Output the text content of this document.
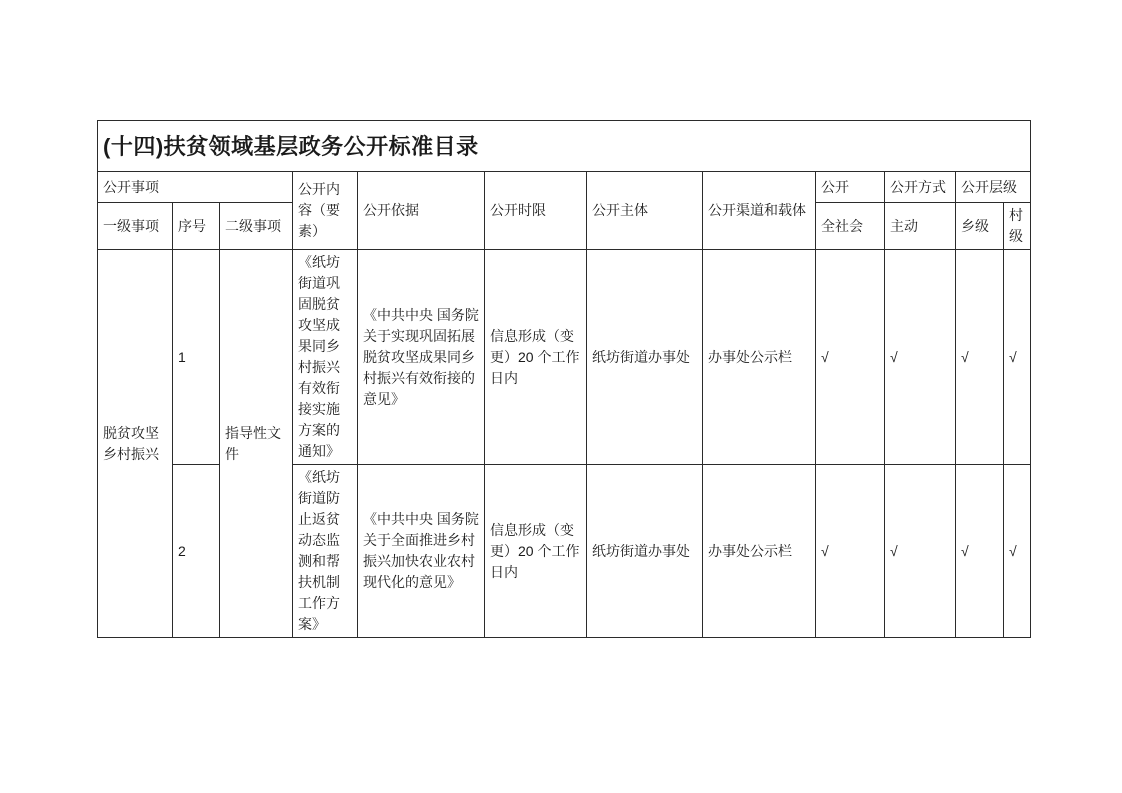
(十四)扶贫领域基层政务公开标准目录											
公开事项			公开内容（要素）	公开依据	公开时限	公开主体	公开渠道和载体	公开	公开方式	公开层级	
一级事项	序号	二级事项						全社会	主动	乡级	村级
脱贫攻坚乡村振兴	1	指导性文件	《纸坊街道巩固脱贫攻坚成果同乡村振兴有效衔接实施方案的通知》	《中共中央 国务院关于实现巩固拓展脱贫攻坚成果同乡村振兴有效衔接的意见》	信息形成（变更）20 个工作日内	纸坊街道办事处	办事处公示栏	√	√	√	√
	2		《纸坊街道防止返贫动态监测和帮扶机制工作方案》	《中共中央 国务院关于全面推进乡村振兴加快农业农村现代化的意见》	信息形成（变更）20 个工作日内	纸坊街道办事处	办事处公示栏	√	√	√	√
